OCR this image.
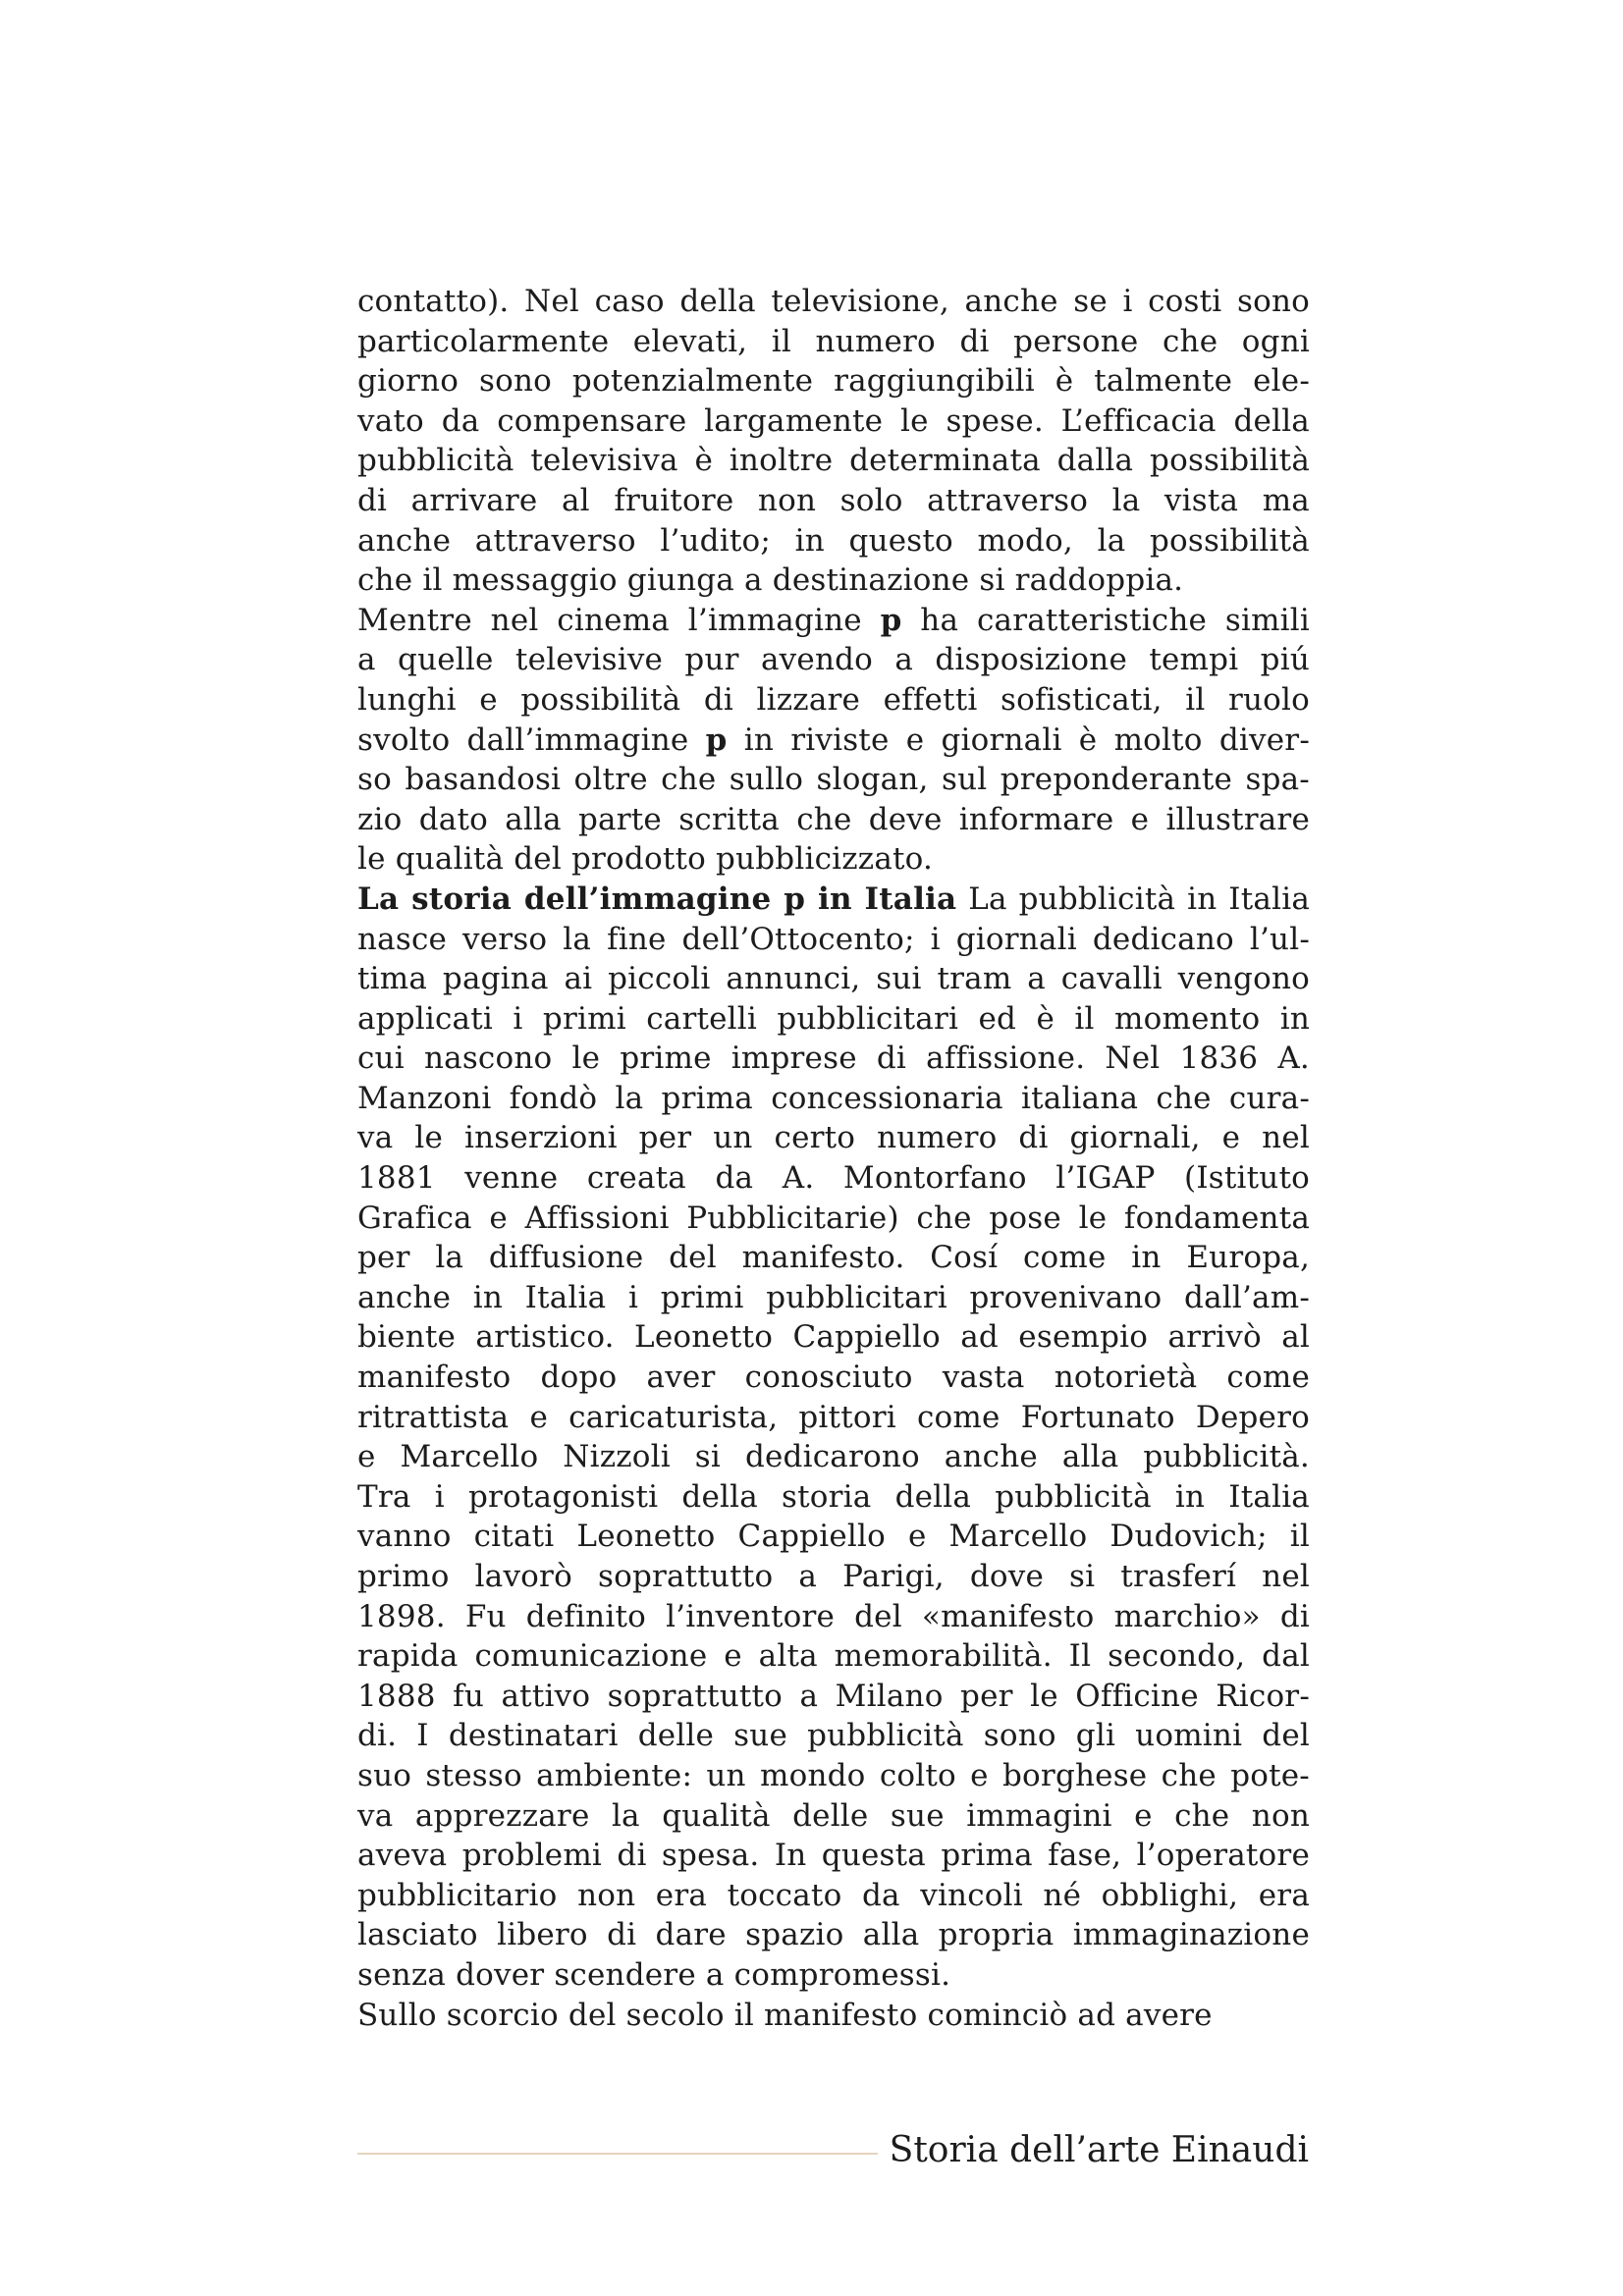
contatto). Nel caso della televisione, anche se i costi sono
particolarmente elevati, il numero di persone che ogni
giorno sono potenzialmente raggiungibili è talmente ele-
vato da compensare largamente le spese. L’efficacia della
pubblicità televisiva è inoltre determinata dalla possibilità
di arrivare al fruitore non solo attraverso la vista ma
anche attraverso l’udito; in questo modo, la possibilità
che il messaggio giunga a destinazione si raddoppia.
Mentre nel cinema l’immagine p ha caratteristiche simili
a quelle televisive pur avendo a disposizione tempi piú
lunghi e possibilità di lizzare effetti sofisticati, il ruolo
svolto dall’immagine p in riviste e giornali è molto diver-
so basandosi oltre che sullo slogan, sul preponderante spa-
zio dato alla parte scritta che deve informare e illustrare
le qualità del prodotto pubblicizzato.
La storia dell’immagine p in Italia La pubblicità in Italia
nasce verso la fine dell’Ottocento; i giornali dedicano l’ul-
tima pagina ai piccoli annunci, sui tram a cavalli vengono
applicati i primi cartelli pubblicitari ed è il momento in
cui nascono le prime imprese di affissione. Nel 1836 A.
Manzoni fondò la prima concessionaria italiana che cura-
va le inserzioni per un certo numero di giornali, e nel
1881 venne creata da A. Montorfano l’IGAP (Istituto
Grafica e Affissioni Pubblicitarie) che pose le fondamenta
per la diffusione del manifesto. Cosí come in Europa,
anche in Italia i primi pubblicitari provenivano dall’am-
biente artistico. Leonetto Cappiello ad esempio arrivò al
manifesto dopo aver conosciuto vasta notorietà come
ritrattista e caricaturista, pittori come Fortunato Depero
e Marcello Nizzoli si dedicarono anche alla pubblicità.
Tra i protagonisti della storia della pubblicità in Italia
vanno citati Leonetto Cappiello e Marcello Dudovich; il
primo lavorò soprattutto a Parigi, dove si trasferí nel
1898. Fu definito l’inventore del «manifesto marchio» di
rapida comunicazione e alta memorabilità. Il secondo, dal
1888 fu attivo soprattutto a Milano per le Officine Ricor-
di. I destinatari delle sue pubblicità sono gli uomini del
suo stesso ambiente: un mondo colto e borghese che pote-
va apprezzare la qualità delle sue immagini e che non
aveva problemi di spesa. In questa prima fase, l’operatore
pubblicitario non era toccato da vincoli né obblighi, era
lasciato libero di dare spazio alla propria immaginazione
senza dover scendere a compromessi.
Sullo scorcio del secolo il manifesto cominciò ad avere
Storia dell’arte Einaudi
